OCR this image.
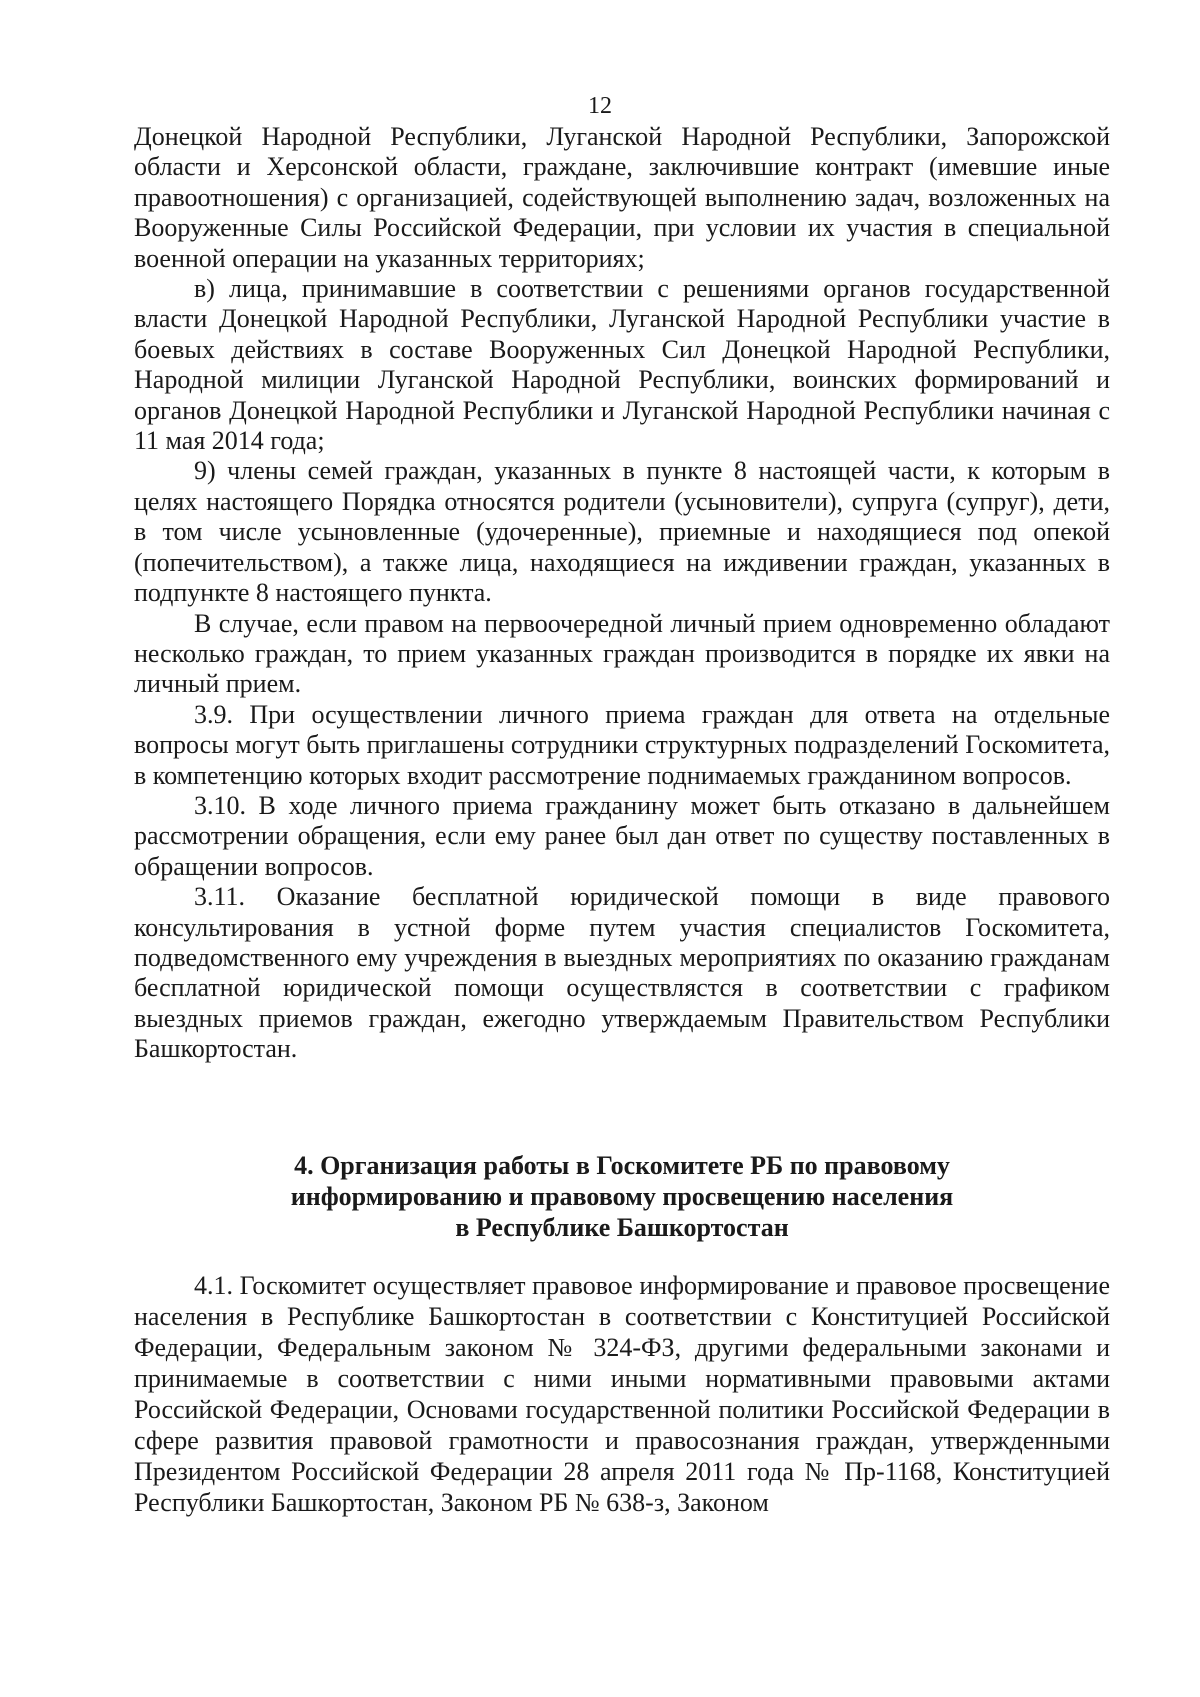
12

Донецкой Народной Республики, Луганской Народной Республики, Запорожской области и Херсонской области, граждане, заключившие контракт (имевшие иные правоотношения) с организацией, содействующей выполнению задач, возложенных на Вооруженные Силы Российской Федерации, при условии их участия в специальной военной операции на указанных территориях;

в) лица, принимавшие в соответствии с решениями органов государственной власти Донецкой Народной Республики, Луганской Народной Республики участие в боевых действиях в составе Вооруженных Сил Донецкой Народной Республики, Народной милиции Луганской Народной Республики, воинских формирований и органов Донецкой Народной Республики и Луганской Народной Республики начиная с 11 мая 2014 года;

9) члены семей граждан, указанных в пункте 8 настоящей части, к которым в целях настоящего Порядка относятся родители (усыновители), супруга (супруг), дети, в том числе усыновленные (удочеренные), приемные и находящиеся под опекой (попечительством), а также лица, находящиеся на иждивении граждан, указанных в подпункте 8 настоящего пункта.

В случае, если правом на первоочередной личный прием одновременно обладают несколько граждан, то прием указанных граждан производится в порядке их явки на личный прием.

3.9. При осуществлении личного приема граждан для ответа на отдельные вопросы могут быть приглашены сотрудники структурных подразделений Госкомитета, в компетенцию которых входит рассмотрение поднимаемых гражданином вопросов.

3.10. В ходе личного приема гражданину может быть отказано в дальнейшем рассмотрении обращения, если ему ранее был дан ответ по существу поставленных в обращении вопросов.

3.11. Оказание бесплатной юридической помощи в виде правового консультирования в устной форме путем участия специалистов Госкомитета, подведомственного ему учреждения в выездных мероприятиях по оказанию гражданам бесплатной юридической помощи осуществлястся в соответствии с графиком выездных приемов граждан, ежегодно утверждаемым Правительством Республики Башкортостан.

4. Организация работы в Госкомитете РБ по правовому
информированию и правовому просвещению населения
в Республике Башкортостан

4.1. Госкомитет осуществляет правовое информирование и правовое просвещение населения в Республике Башкортостан в соответствии с Конституцией Российской Федерации, Федеральным законом № 324-ФЗ, другими федеральными законами и принимаемые в соответствии с ними иными нормативными правовыми актами Российской Федерации, Основами государственной политики Российской Федерации в сфере развития правовой грамотности и правосознания граждан, утвержденными Президентом Российской Федерации 28 апреля 2011 года № Пр-1168, Конституцией Республики Башкортостан, Законом РБ № 638-з, Законом
